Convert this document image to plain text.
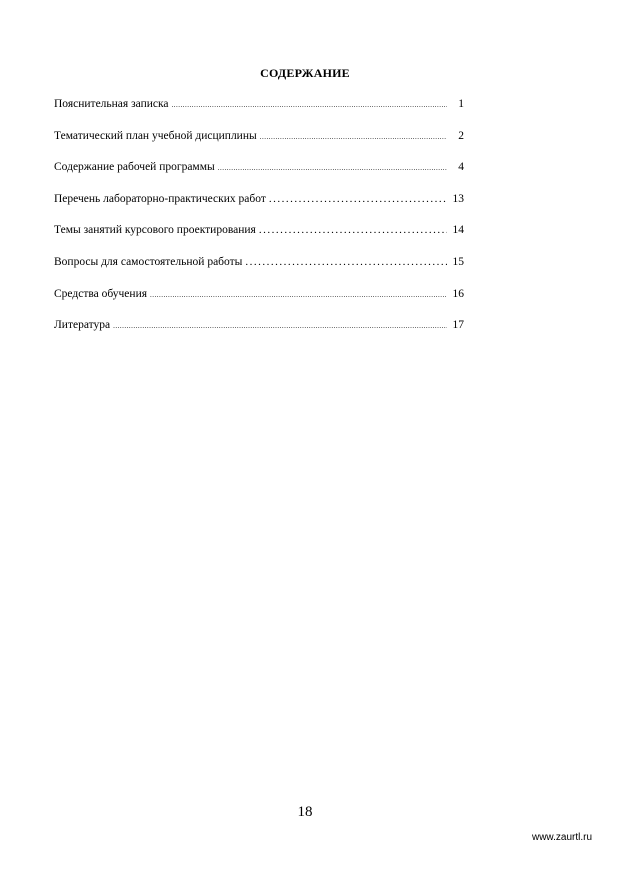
СОДЕРЖАНИЕ
Пояснительная записка .....	1
Тематический план учебной дисциплины .....	2
Содержание рабочей программы .....	4
Перечень лабораторно-практических работ .....	13
Темы занятий курсового проектирования .....	14
Вопросы для самостоятельной работы .....	15
Средства обучения .....	16
Литература .....	17
18
www.zaurtl.ru
